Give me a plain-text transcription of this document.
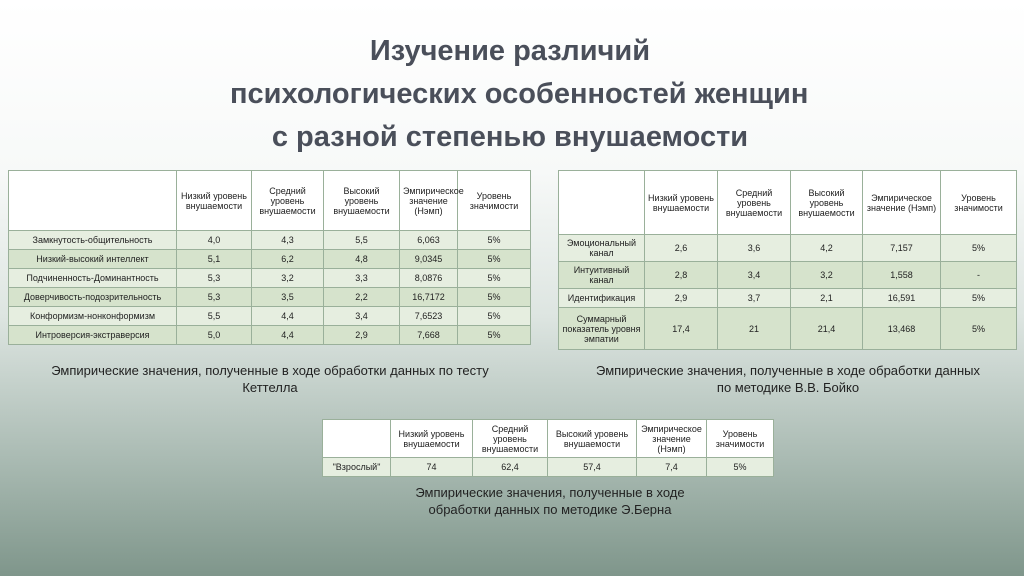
Изучение различий
психологических особенностей женщин
с разной степенью внушаемости
	Низкий уровень внушаемости	Средний уровень внушаемости	Высокий уровень внушаемости	Эмпирическое значение (Нэмп)	Уровень значимости
Замкнутость-общительность	4,0	4,3	5,5	6,063	5%
Низкий-высокий интеллект	5,1	6,2	4,8	9,0345	5%
Подчиненность-Доминантность	5,3	3,2	3,3	8,0876	5%
Доверчивость-подозрительность	5,3	3,5	2,2	16,7172	5%
Конформизм-нонконформизм	5,5	4,4	3,4	7,6523	5%
Интроверсия-экстраверсия	5,0	4,4	2,9	7,668	5%
Эмпирические значения, полученные в ходе обработки данных по тесту Кеттелла
	Низкий уровень внушаемости	Средний уровень внушаемости	Высокий уровень внушаемости	Эмпирическое значение (Нэмп)	Уровень значимости
Эмоциональный канал	2,6	3,6	4,2	7,157	5%
Интуитивный канал	2,8	3,4	3,2	1,558	-
Идентификация	2,9	3,7	2,1	16,591	5%
Суммарный показатель уровня эмпатии	17,4	21	21,4	13,468	5%
Эмпирические значения, полученные в ходе обработки данных по методике В.В. Бойко
	Низкий уровень внушаемости	Средний уровень внушаемости	Высокий уровень внушаемости	Эмпирическое значение (Нэмп)	Уровень значимости
"Взрослый"	74	62,4	57,4	7,4	5%
Эмпирические значения, полученные в ходе обработки данных по методике Э.Берна
